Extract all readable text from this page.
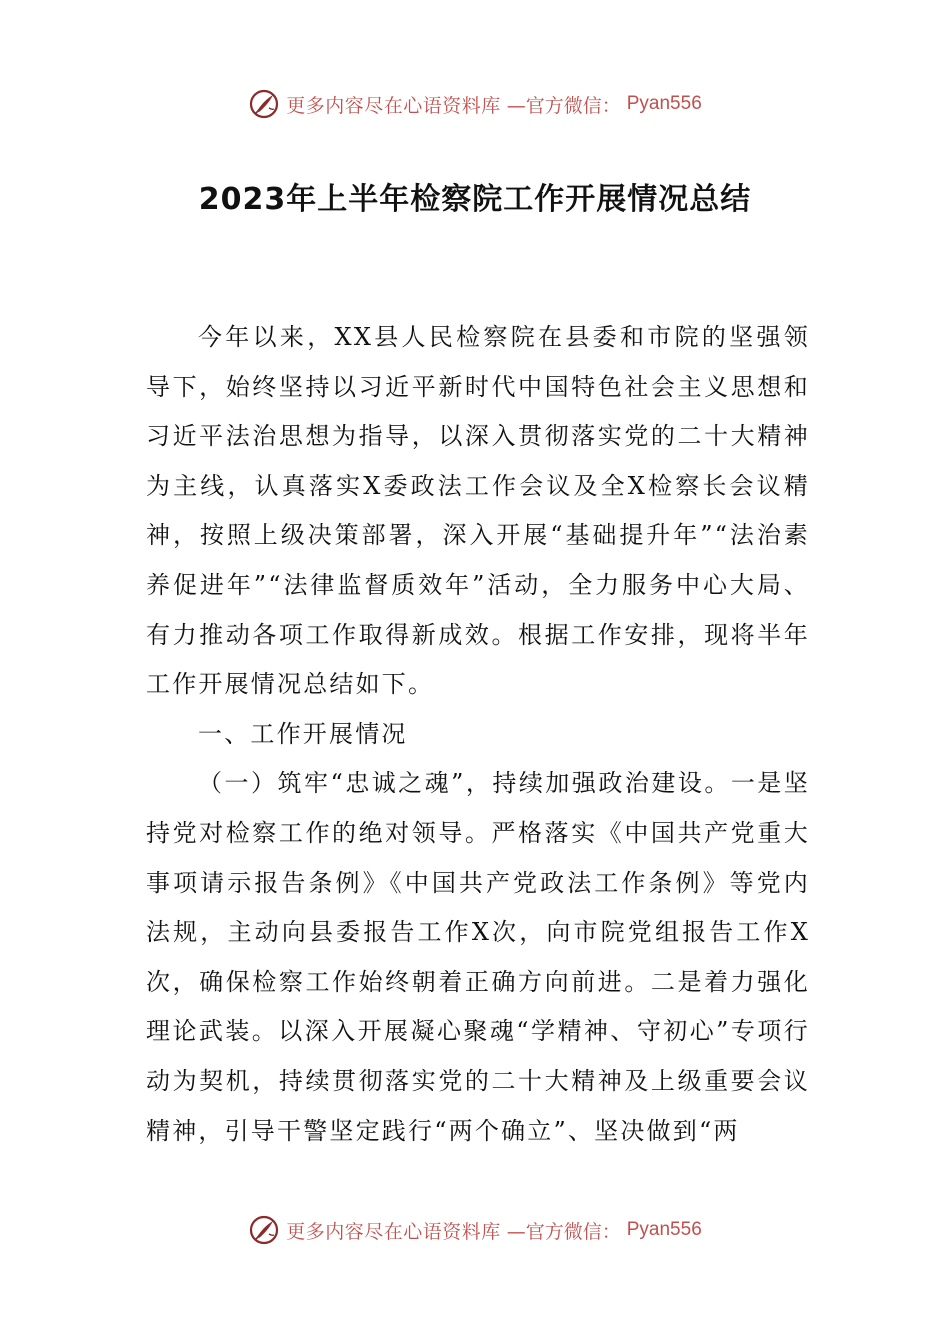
更多内容尽在心语资料库 —官方微信： Pyan556
2023年上半年检察院工作开展情况总结

今年以来，XX县人民检察院在县委和市院的坚强领导下，始终坚持以习近平新时代中国特色社会主义思想和习近平法治思想为指导，以深入贯彻落实党的二十大精神为主线，认真落实X委政法工作会议及全X检察长会议精神，按照上级决策部署，深入开展“基础提升年”“法治素养促进年”“法律监督质效年”活动，全力服务中心大局、有力推动各项工作取得新成效。根据工作安排，现将半年工作开展情况总结如下。

一、工作开展情况

（一）筑牢“忠诚之魂”，持续加强政治建设。一是坚持党对检察工作的绝对领导。严格落实《中国共产党重大事项请示报告条例》《中国共产党政法工作条例》等党内法规，主动向县委报告工作X次，向市院党组报告工作X次，确保检察工作始终朝着正确方向前进。二是着力强化理论武装。以深入开展凝心聚魂“学精神、守初心”专项行动为契机，持续贯彻落实党的二十大精神及上级重要会议精神，引导干警坚定践行“两个确立”、坚决做到“两

更多内容尽在心语资料库 —官方微信： Pyan556
